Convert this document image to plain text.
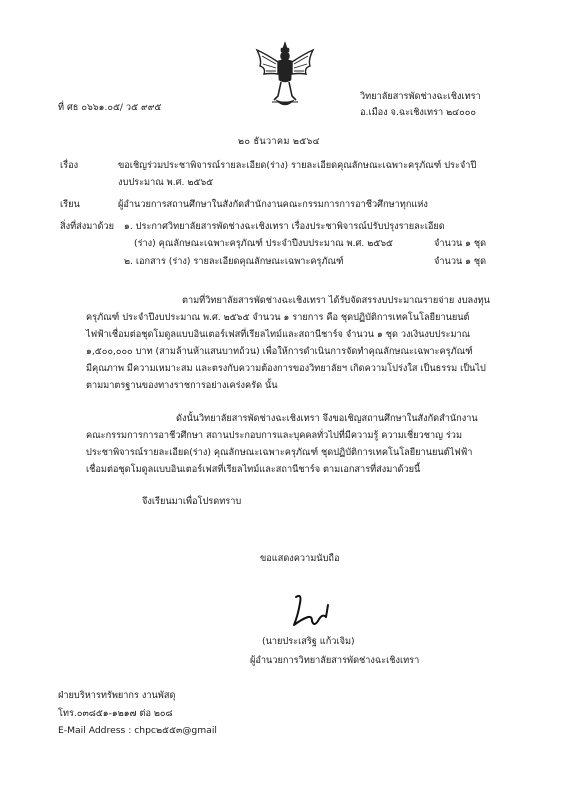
ที่ ศธ ๐๖๖๑.๐๕/ ว๕ ๙๙๕
วิทยาลัยสารพัดช่างฉะเชิงเทรา
อ.เมือง จ.ฉะเชิงเทรา ๒๔๐๐๐
๒๐ ธันวาคม ๒๕๖๔
เรื่อง	ขอเชิญร่วมประชาพิจารณ์รายละเอียด(ร่าง) รายละเอียดคุณลักษณะเฉพาะครุภัณฑ์ ประจำปี
งบประมาณ พ.ศ. ๒๕๖๕
เรียน	ผู้อำนวยการสถานศึกษาในสังกัดสำนักงานคณะกรรมการการอาชีวศึกษาทุกแห่ง
สิ่งที่ส่งมาด้วย ๑. ประกาศวิทยาลัยสารพัดช่างฉะเชิงเทรา เรื่องประชาพิจารณ์ปรับปรุงรายละเอียด
(ร่าง) คุณลักษณะเฉพาะครุภัณฑ์ ประจำปีงบประมาณ พ.ศ. ๒๕๖๕	จำนวน ๑ ชุด
๒. เอกสาร (ร่าง) รายละเอียดคุณลักษณะเฉพาะครุภัณฑ์	จำนวน ๑ ชุด
ตามที่วิทยาลัยสารพัดช่างฉะเชิงเทรา ได้รับจัดสรรงบประมาณรายจ่าย งบลงทุน
ครุภัณฑ์ ประจำปีงบประมาณ พ.ศ. ๒๕๖๕ จำนวน ๑ รายการ คือ ชุดปฏิบัติการเทคโนโลยียานยนต์
ไฟฟ้าเชื่อมต่อชุดโมดูลแบบอินเตอร์เฟสที่เรียลไทม์และสถานีชาร์จ จำนวน ๑ ชุด วงเงินงบประมาณ
๑,๕๐๐,๐๐๐ บาท (สามล้านห้าแสนบาทถ้วน) เพื่อให้การดำเนินการจัดทำคุณลักษณะเฉพาะครุภัณฑ์
มีคุณภาพ มีความเหมาะสม และตรงกับความต้องการของวิทยาลัยฯ เกิดความโปร่งใส เป็นธรรม เป็นไป
ตามมาตรฐานของทางราชการอย่างเคร่งครัด นั้น
ดังนั้นวิทยาลัยสารพัดช่างฉะเชิงเทรา จึงขอเชิญสถานศึกษาในสังกัดสำนักงาน
คณะกรรมการการอาชีวศึกษา สถานประกอบการและบุคคลทั่วไปที่มีความรู้ ความเชี่ยวชาญ ร่วม
ประชาพิจารณ์รายละเอียด(ร่าง) คุณลักษณะเฉพาะครุภัณฑ์ ชุดปฏิบัติการเทคโนโลยียานยนต์ไฟฟ้า
เชื่อมต่อชุดโมดูลแบบอินเตอร์เฟสที่เรียลไทม์และสถานีชาร์จ ตามเอกสารที่ส่งมาด้วยนี้
จึงเรียนมาเพื่อโปรดทราบ
ขอแสดงความนับถือ
(นายประเสริฐ แก้วเจิม)
ผู้อำนวยการวิทยาลัยสารพัดช่างฉะเชิงเทรา
ฝ่ายบริหารทรัพยากร งานพัสดุ
โทร.๐๓๘๕๑-๑๒๑๗ ต่อ ๒๐๘
E-Mail Address : chpc๒๕๕๓@gmail
